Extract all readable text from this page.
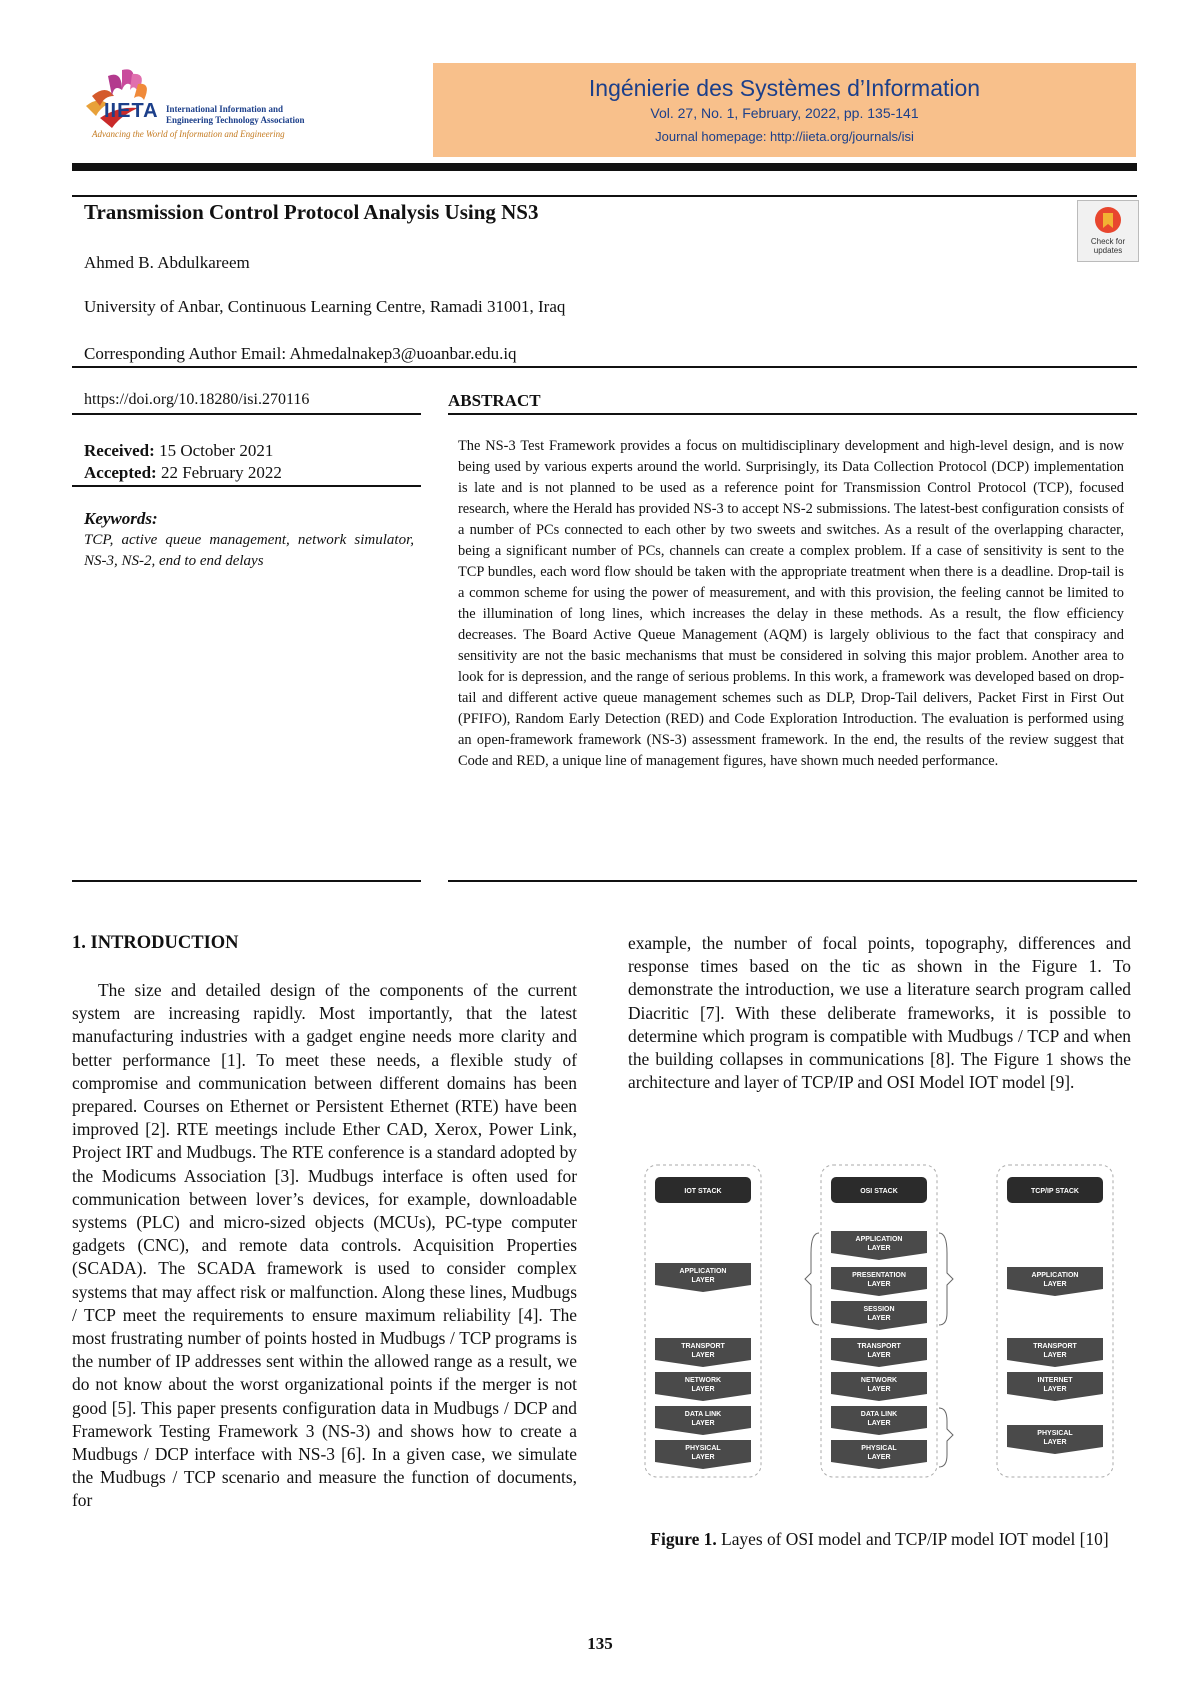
IIETA International Information and
Engineering Technology Association
Advancing the World of Information and Engineering
Ingénierie des Systèmes d’Information
Vol. 27, No. 1, February, 2022, pp. 135-141
Journal homepage: http://iieta.org/journals/isi
Transmission Control Protocol Analysis Using NS3
Check for updates
Ahmed B. Abdulkareem
University of Anbar, Continuous Learning Centre, Ramadi 31001, Iraq
Corresponding Author Email: Ahmedalnakep3@uoanbar.edu.iq
https://doi.org/10.18280/isi.270116
Received: 15 October 2021
Accepted: 22 February 2022
Keywords:
TCP, active queue management, network simulator, NS-3, NS-2, end to end delays
ABSTRACT
The NS-3 Test Framework provides a focus on multidisciplinary development and high-level design, and is now being used by various experts around the world. Surprisingly, its Data Collection Protocol (DCP) implementation is late and is not planned to be used as a reference point for Transmission Control Protocol (TCP), focused research, where the Herald has provided NS-3 to accept NS-2 submissions. The latest-best configuration consists of a number of PCs connected to each other by two sweets and switches. As a result of the overlapping character, being a significant number of PCs, channels can create a complex problem. If a case of sensitivity is sent to the TCP bundles, each word flow should be taken with the appropriate treatment when there is a deadline. Drop-tail is a common scheme for using the power of measurement, and with this provision, the feeling cannot be limited to the illumination of long lines, which increases the delay in these methods. As a result, the flow efficiency decreases. The Board Active Queue Management (AQM) is largely oblivious to the fact that conspiracy and sensitivity are not the basic mechanisms that must be considered in solving this major problem. Another area to look for is depression, and the range of serious problems. In this work, a framework was developed based on drop- tail and different active queue management schemes such as DLP, Drop-Tail delivers, Packet First in First Out (PFIFO), Random Early Detection (RED) and Code Exploration Introduction. The evaluation is performed using an open-framework framework (NS-3) assessment framework. In the end, the results of the review suggest that Code and RED, a unique line of management figures, have shown much needed performance.
1. INTRODUCTION
The size and detailed design of the components of the current system are increasing rapidly. Most importantly, that the latest manufacturing industries with a gadget engine needs more clarity and better performance [1]. To meet these needs, a flexible study of compromise and communication between different domains has been prepared. Courses on Ethernet or Persistent Ethernet (RTE) have been improved [2]. RTE meetings include Ether CAD, Xerox, Power Link, Project IRT and Mudbugs. The RTE conference is a standard adopted by the Modicums Association [3]. Mudbugs interface is often used for communication between lover’s devices, for example, downloadable systems (PLC) and micro-sized objects (MCUs), PC-type computer gadgets (CNC), and remote data controls. Acquisition Properties (SCADA). The SCADA framework is used to consider complex systems that may affect risk or malfunction. Along these lines, Mudbugs / TCP meet the requirements to ensure maximum reliability [4]. The most frustrating number of points hosted in Mudbugs / TCP programs is the number of IP addresses sent within the allowed range as a result, we do not know about the worst organizational points if the merger is not good [5]. This paper presents configuration data in Mudbugs / DCP and Framework Testing Framework 3 (NS-3) and shows how to create a Mudbugs / DCP interface with NS-3 [6]. In a given case, we simulate the Mudbugs / TCP scenario and measure the function of documents, for
example, the number of focal points, topography, differences and response times based on the tic as shown in the Figure 1. To demonstrate the introduction, we use a literature search program called Diacritic [7]. With these deliberate frameworks, it is possible to determine which program is compatible with Mudbugs / TCP and when the building collapses in communications [8]. The Figure 1 shows the architecture and layer of TCP/IP and OSI Model IOT model [9].
IOT STACK
APPLICATION
LAYER
TRANSPORT
LAYER
NETWORK
LAYER
DATA LINK
LAYER
PHYSICAL
LAYER
OSI STACK
APPLICATION
LAYER
PRESENTATION
LAYER
SESSION
LAYER
TRANSPORT
LAYER
NETWORK
LAYER
DATA LINK
LAYER
PHYSICAL
LAYER
TCP/IP STACK
APPLICATION
LAYER
TRANSPORT
LAYER
INTERNET
LAYER
PHYSICAL
LAYER
Figure 1. Layes of OSI model and TCP/IP model IOT model [10]
135
